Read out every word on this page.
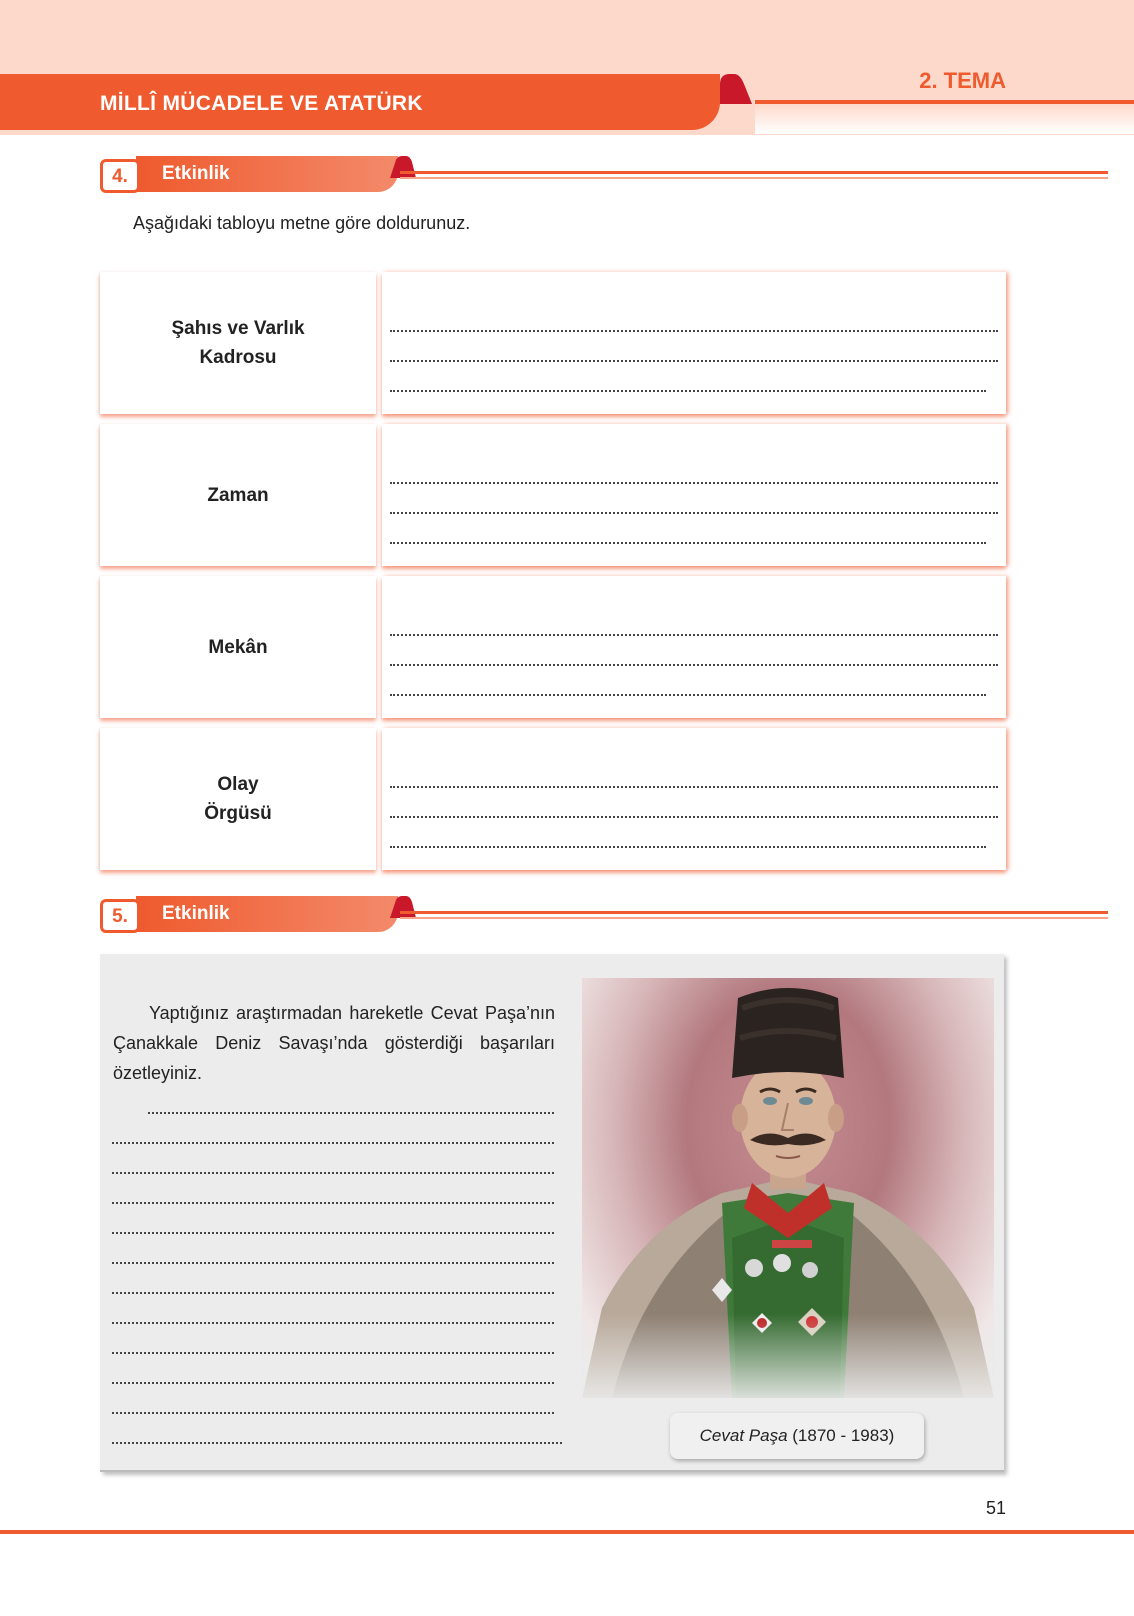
MİLLÎ MÜCADELE VE ATATÜRK
2. TEMA
4.	Etkinlik
Aşağıdaki tabloyu metne göre doldurunuz.
Şahıs ve Varlık
Kadrosu
Zaman
Mekân
Olay
Örgüsü
5.	Etkinlik
Yaptığınız araştırmadan hareketle Cevat Paşa’nın Çanakkale Deniz Savaşı’nda gösterdiği başarıları özetleyiniz.
Cevat Paşa (1870 - 1983)
51
